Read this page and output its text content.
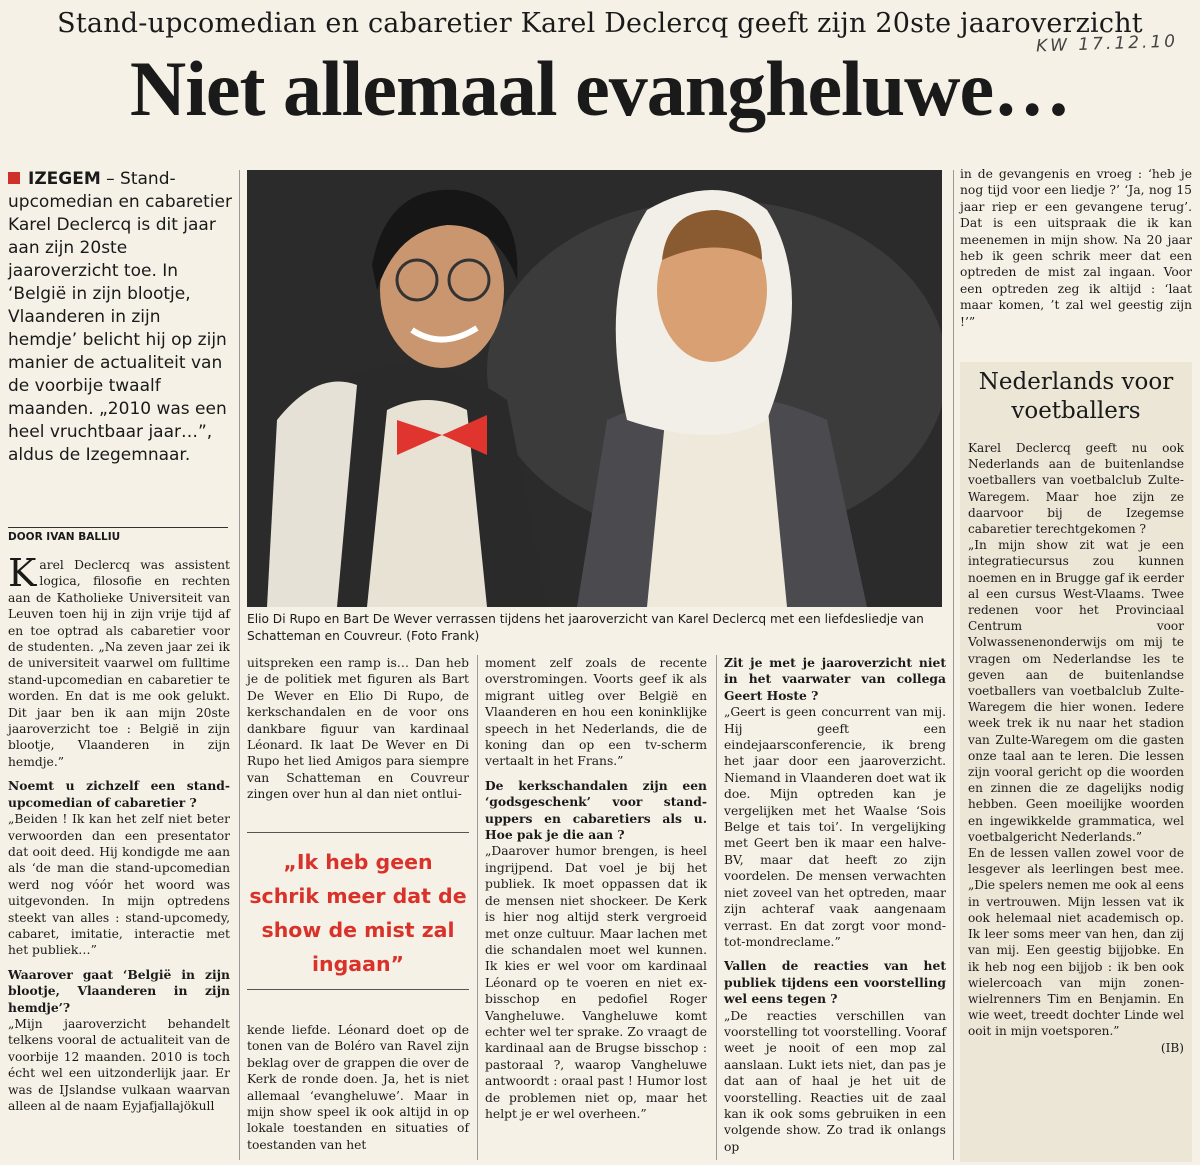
Stand-upcomedian en cabaretier Karel Declercq geeft zijn 20ste jaaroverzicht
KW 17.12.10
Niet allemaal evangheluwe…
IZEGEM – Stand-upcomedian en cabaretier Karel Declercq is dit jaar aan zijn 20ste jaaroverzicht toe. In ‘België in zijn blootje, Vlaanderen in zijn hemdje’ belicht hij op zijn manier de actualiteit van de voorbije twaalf maanden. „2010 was een heel vruchtbaar jaar…”, aldus de Izegemnaar.
Elio Di Rupo en Bart De Wever verrassen tijdens het jaaroverzicht van Karel Declercq met een liefdesliedje van Schatteman en Couvreur. (Foto Frank)
DOOR IVAN BALLIU

Karel Declercq was assistent logica, filosofie en rechten aan de Katholieke Universiteit van Leuven toen hij in zijn vrije tijd af en toe optrad als cabaretier voor de studenten. „Na zeven jaar zei ik de universiteit vaarwel om fulltime stand-upcomedian en cabaretier te worden. En dat is me ook gelukt. Dit jaar ben ik aan mijn 20ste jaaroverzicht toe : België in zijn blootje, Vlaanderen in zijn hemdje.”

Noemt u zichzelf een stand-upcomedian of cabaretier ?

„Beiden ! Ik kan het zelf niet beter verwoorden dan een presentator dat ooit deed. Hij kondigde me aan als ‘de man die stand-upcomedian werd nog vóór het woord was uitgevonden. In mijn optredens steekt van alles : stand-upcomedy, cabaret, imitatie, interactie met het publiek…”

Waarover gaat ‘België in zijn blootje, Vlaanderen in zijn hemdje’?

„Mijn jaaroverzicht behandelt telkens vooral de actualiteit van de voorbije 12 maanden. 2010 is toch écht wel een uitzonderlijk jaar. Er was de IJslandse vulkaan waarvan alleen al de naam Eyjafjallajökull

uitspreken een ramp is… Dan heb je de politiek met figuren als Bart De Wever en Elio Di Rupo, de kerkschandalen en de voor ons dankbare figuur van kardinaal Léonard. Ik laat De Wever en Di Rupo het lied Amigos para siempre van Schatteman en Couvreur zingen over hun al dan niet ontlui-

„Ik heb geen schrik meer dat de show de mist zal ingaan”

kende liefde. Léonard doet op de tonen van de Boléro van Ravel zijn beklag over de grappen die over de Kerk de ronde doen. Ja, het is niet allemaal ‘evangheluwe’. Maar in mijn show speel ik ook altijd in op lokale toestanden en situaties of toestanden van het

moment zelf zoals de recente overstromingen. Voorts geef ik als migrant uitleg over België en Vlaanderen en hou een koninklijke speech in het Nederlands, die de koning dan op een tv-scherm vertaalt in het Frans.”

De kerkschandalen zijn een ‘godsgeschenk’ voor stand-uppers en cabaretiers als u. Hoe pak je die aan ?

„Daarover humor brengen, is heel ingrijpend. Dat voel je bij het publiek. Ik moet oppassen dat ik de mensen niet shockeer. De Kerk is hier nog altijd sterk vergroeid met onze cultuur. Maar lachen met die schandalen moet wel kunnen. Ik kies er wel voor om kardinaal Léonard op te voeren en niet ex-bisschop en pedofiel Roger Vangheluwe. Vangheluwe komt echter wel ter sprake. Zo vraagt de kardinaal aan de Brugse bisschop : pastoraal ?, waarop Vangheluwe antwoordt : oraal past ! Humor lost de problemen niet op, maar het helpt je er wel overheen.”

Zit je met je jaaroverzicht niet in het vaarwater van collega Geert Hoste ?

„Geert is geen concurrent van mij. Hij geeft een eindejaarsconferencie, ik breng het jaar door een jaaroverzicht. Niemand in Vlaanderen doet wat ik doe. Mijn optreden kan je vergelijken met het Waalse ‘Sois Belge et tais toi’. In vergelijking met Geert ben ik maar een halve-BV, maar dat heeft zo zijn voordelen. De mensen verwachten niet zoveel van het optreden, maar zijn achteraf vaak aangenaam verrast. En dat zorgt voor mond-tot-mondreclame.”

Vallen de reacties van het publiek tijdens een voorstelling wel eens tegen ?

„De reacties verschillen van voorstelling tot voorstelling. Vooraf weet je nooit of een mop zal aanslaan. Lukt iets niet, dan pas je dat aan of haal je het uit de voorstelling. Reacties uit de zaal kan ik ook soms gebruiken in een volgende show. Zo trad ik onlangs op

in de gevangenis en vroeg : ‘heb je nog tijd voor een liedje ?’ ‘Ja, nog 15 jaar riep er een gevangene terug’. Dat is een uitspraak die ik kan meenemen in mijn show. Na 20 jaar heb ik geen schrik meer dat een optreden de mist zal ingaan. Voor een optreden zeg ik altijd : ‘laat maar komen, ’t zal wel geestig zijn !’”

Nederlands voor voetballers

Karel Declercq geeft nu ook Nederlands aan de buitenlandse voetballers van voetbalclub Zulte-Waregem. Maar hoe zijn ze daarvoor bij de Izegemse cabaretier terechtgekomen ?

„In mijn show zit wat je een integratiecursus zou kunnen noemen en in Brugge gaf ik eerder al een cursus West-Vlaams. Twee redenen voor het Provinciaal Centrum voor Volwassenenonderwijs om mij te vragen om Nederlandse les te geven aan de buitenlandse voetballers van voetbalclub Zulte-Waregem die hier wonen. Iedere week trek ik nu naar het stadion van Zulte-Waregem om die gasten onze taal aan te leren. Die lessen zijn vooral gericht op die woorden en zinnen die ze dagelijks nodig hebben. Geen moeilijke woorden en ingewikkelde grammatica, wel voetbalgericht Nederlands.”

En de lessen vallen zowel voor de lesgever als leerlingen best mee. „Die spelers nemen me ook al eens in vertrouwen. Mijn lessen vat ik ook helemaal niet academisch op. Ik leer soms meer van hen, dan zij van mij. Een geestig bijjobke. En ik heb nog een bijjob : ik ben ook wielercoach van mijn zonen-wielrenners Tim en Benjamin. En wie weet, treedt dochter Linde wel ooit in mijn voetsporen.”

(IB)
